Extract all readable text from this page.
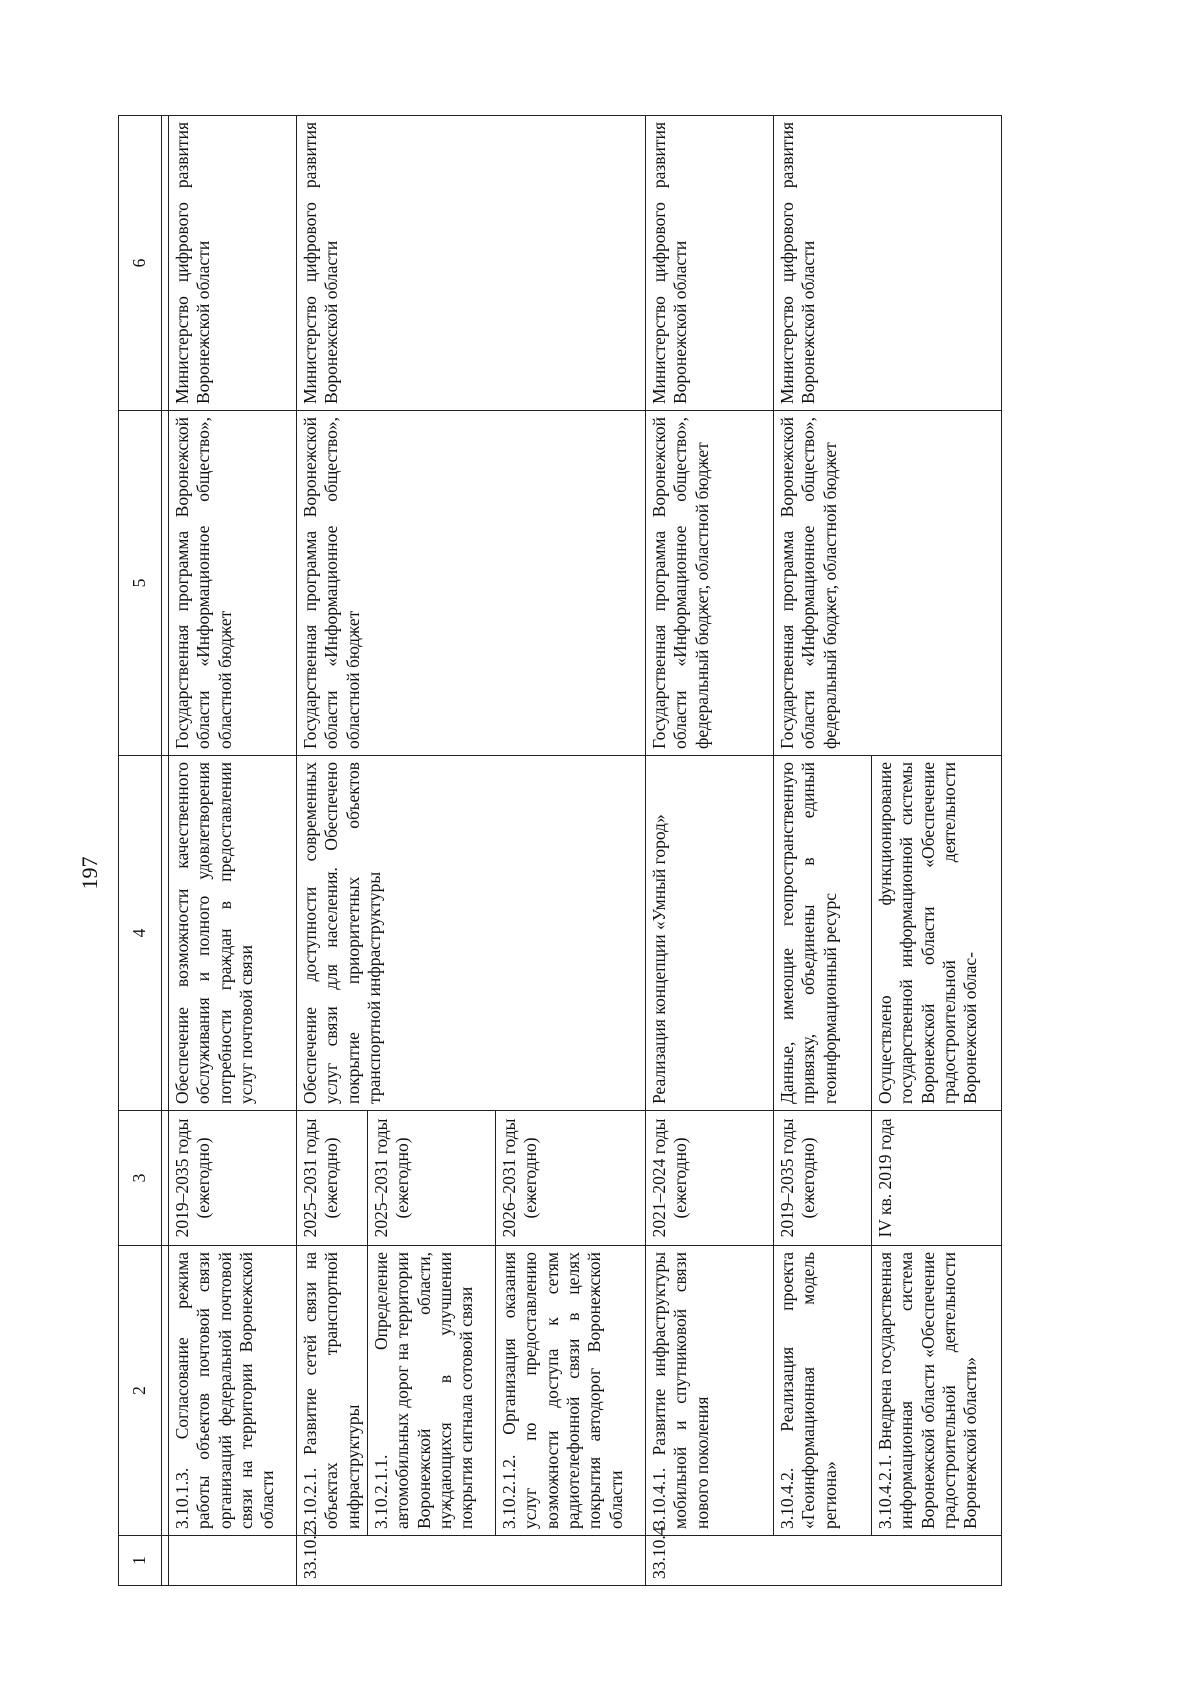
197
1	2	3	4	5	6

	3.10.1.3. Согласование режима работы объектов почтовой связи организаций федеральной почтовой связи на территории Воронежской области	2019–2035 годы (ежегодно)	Обеспечение возможности качественного обслуживания и полного удовлетворения потребности граждан в предоставлении услуг почтовой связи	Государственная программа Воронежской области «Информационное общество», областной бюджет	Министерство цифрового развития Воронежской области
33.10.2	3.10.2.1. Развитие сетей связи на объектах транспортной инфраструктуры	2025–2031 годы (ежегодно)	Обеспечение доступности современных услуг связи для населения. Обеспечено покрытие приоритетных объектов транспортной инфраструктуры	Государственная программа Воронежской области «Информационное общество», областной бюджет	Министерство цифрового развития Воронежской области
	3.10.2.1.1. Определение автомобильных дорог на территории Воронежской области, нуждающихся в улучшении покрытия сигнала сотовой связи	2025–2031 годы (ежегодно)			
	3.10.2.1.2. Организация оказания услуг по предоставлению возможности доступа к сетям радиотелефонной связи в целях покрытия автодорог Воронежской области	2026–2031 годы (ежегодно)			
33.10.4	3.10.4.1. Развитие инфраструктуры мобильной и спутниковой связи нового поколения	2021–2024 годы (ежегодно)	Реализация концепции «Умный город»	Государственная программа Воронежской области «Информационное общество», федеральный бюджет, областной бюджет	Министерство цифрового развития Воронежской области
	3.10.4.2. Реализация проекта «Геоинформационная модель региона»	2019–2035 годы (ежегодно)	Данные, имеющие геопространственную привязку, объединены в единый геоинформационный ресурс	Государственная программа Воронежской области «Информационное общество», федеральный бюджет, областной бюджет	Министерство цифрового развития Воронежской области
	3.10.4.2.1. Внедрена государственная информационная система Воронежской области «Обеспечение градостроительной деятельности Воронежской области»	IV кв. 2019 года	Осуществлено функционирование государственной информационной системы Воронежской области «Обеспечение градостроительной деятельности Воронежской облас-		
